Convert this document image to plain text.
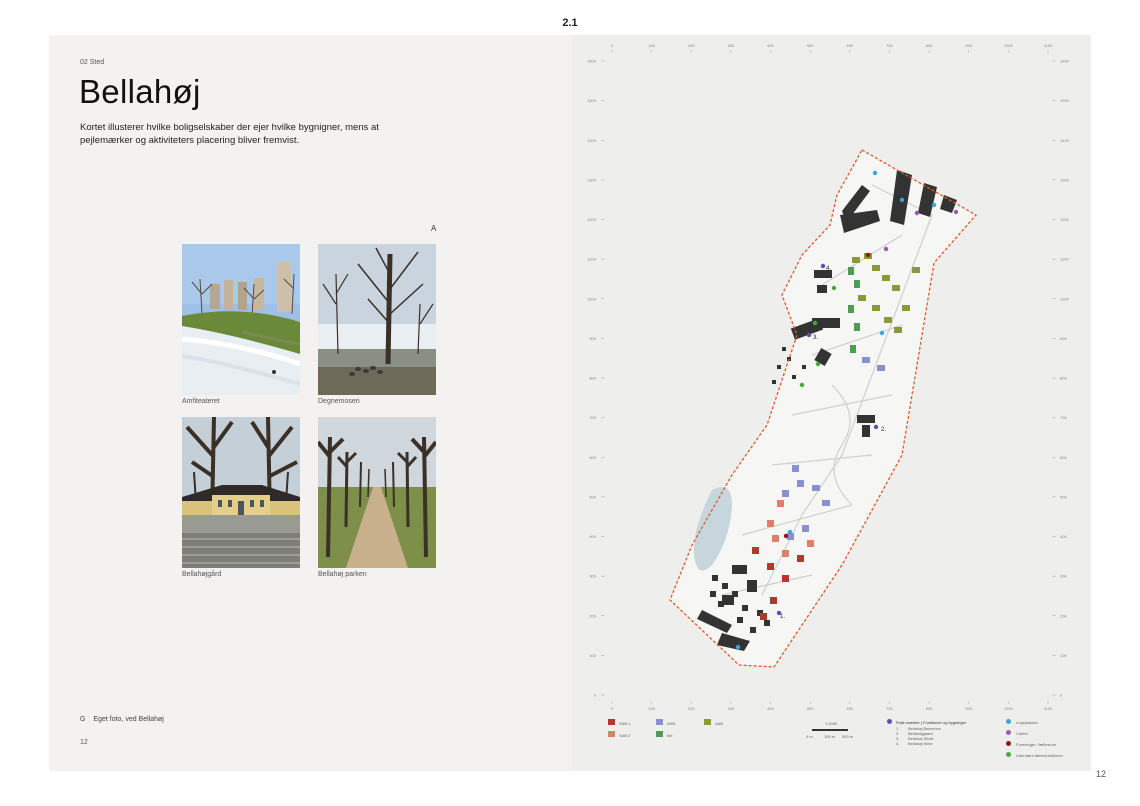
2.1
02 Sted
Bellahøj
Kortet illusterer hvilke boligselskaber der ejer hvilke bygnigner, mens at pejlemærker og aktiviteters placering bliver fremvist.
A
Amfiteateret	Degnemosen
Bellahøjgård	Bellahøj parken
G Eget foto, ved Bellahøj
12
0	100	200	300	400	500	600	700	800	900	1000	1100
0	100	200	300	400	500	600	700	800	900	1000	1100
1600
1500
1400
1300
1200
1100
1000
900
800
700
600
500
400
300
200
100
0
1600
1500
1400
1300
1200
1100
1000
900
800
700
600
500
400
300
200
100
0
1.
2.
3.
4.
SAB 1
SAB 2
AKB
fsb
AAB	1:2000
0 m	100 m 500 m
Pejle mærker | Funktioner og bygninger
1. Bellahøj Børnehus
2. Bellahøjgaard
3. Bellahøj Skole
4. Bellahøj Kirke
Legepladser
Caféer
Foreninger / fællesrum
Udendørs fællesfunktioner
12
